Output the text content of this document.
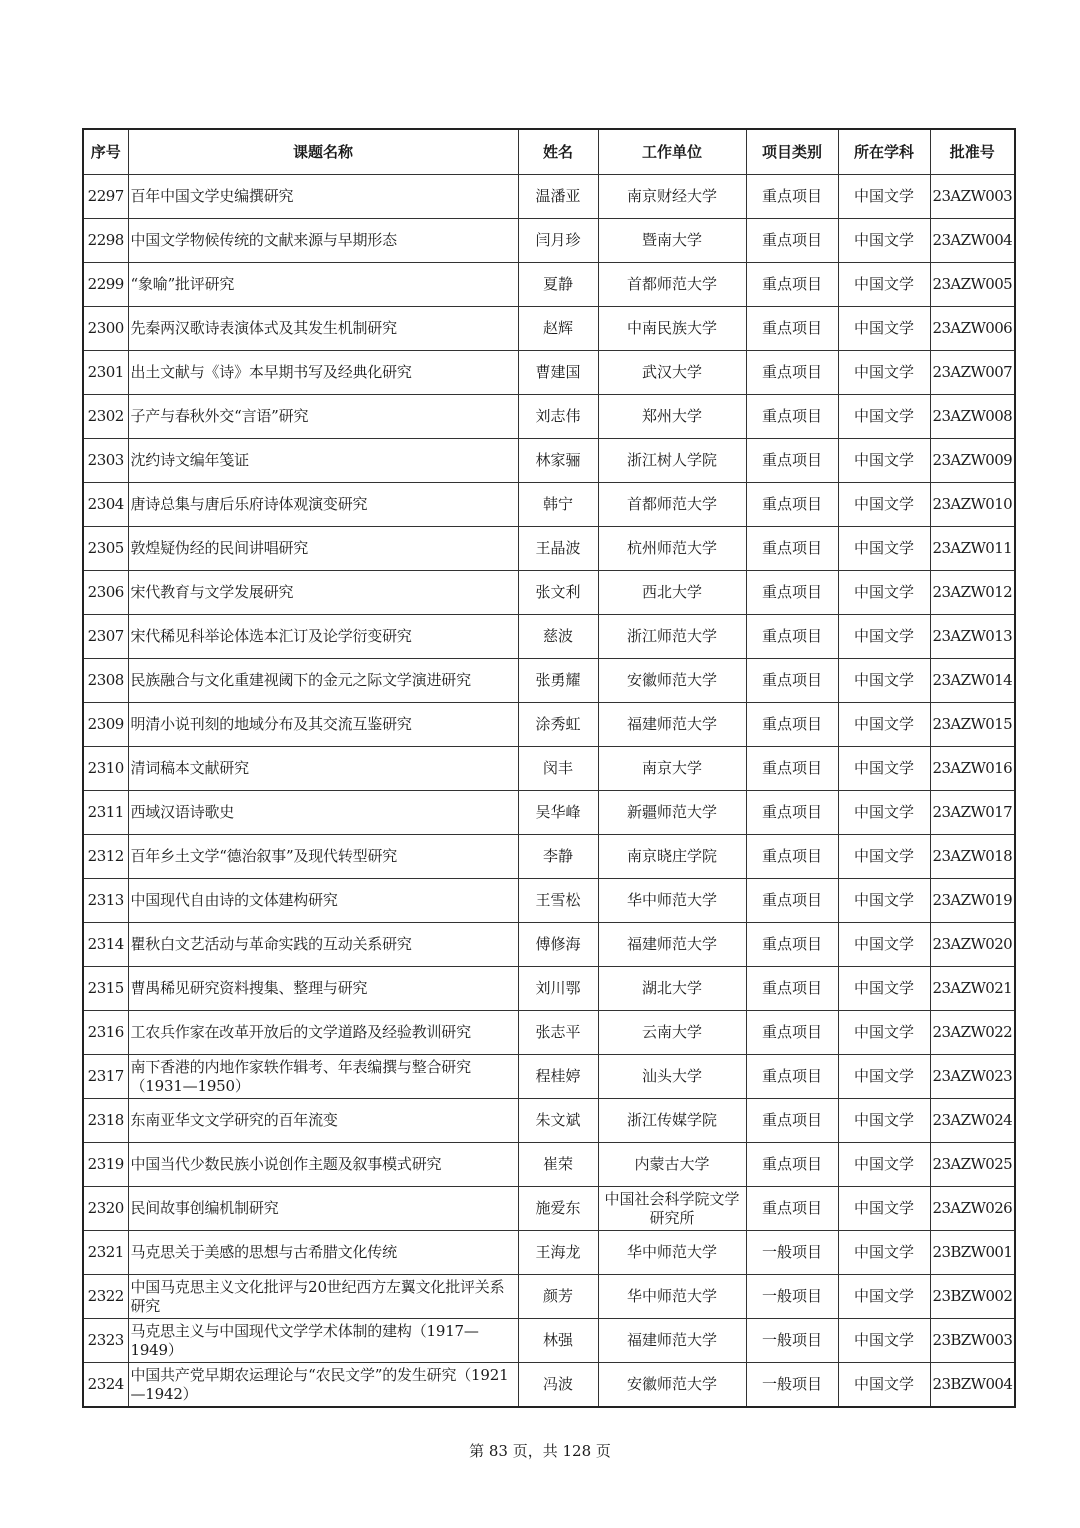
序号	课题名称	姓名	工作单位	项目类别	所在学科	批准号
2297	百年中国文学史编撰研究	温潘亚	南京财经大学	重点项目	中国文学	23AZW003
2298	中国文学物候传统的文献来源与早期形态	闫月珍	暨南大学	重点项目	中国文学	23AZW004
2299	“象喻”批评研究	夏静	首都师范大学	重点项目	中国文学	23AZW005
2300	先秦两汉歌诗表演体式及其发生机制研究	赵辉	中南民族大学	重点项目	中国文学	23AZW006
2301	出土文献与《诗》本早期书写及经典化研究	曹建国	武汉大学	重点项目	中国文学	23AZW007
2302	子产与春秋外交“言语”研究	刘志伟	郑州大学	重点项目	中国文学	23AZW008
2303	沈约诗文编年笺证	林家骊	浙江树人学院	重点项目	中国文学	23AZW009
2304	唐诗总集与唐后乐府诗体观演变研究	韩宁	首都师范大学	重点项目	中国文学	23AZW010
2305	敦煌疑伪经的民间讲唱研究	王晶波	杭州师范大学	重点项目	中国文学	23AZW011
2306	宋代教育与文学发展研究	张文利	西北大学	重点项目	中国文学	23AZW012
2307	宋代稀见科举论体选本汇订及论学衍变研究	慈波	浙江师范大学	重点项目	中国文学	23AZW013
2308	民族融合与文化重建视阈下的金元之际文学演进研究	张勇耀	安徽师范大学	重点项目	中国文学	23AZW014
2309	明清小说刊刻的地域分布及其交流互鉴研究	涂秀虹	福建师范大学	重点项目	中国文学	23AZW015
2310	清词稿本文献研究	闵丰	南京大学	重点项目	中国文学	23AZW016
2311	西域汉语诗歌史	吴华峰	新疆师范大学	重点项目	中国文学	23AZW017
2312	百年乡土文学“德治叙事”及现代转型研究	李静	南京晓庄学院	重点项目	中国文学	23AZW018
2313	中国现代自由诗的文体建构研究	王雪松	华中师范大学	重点项目	中国文学	23AZW019
2314	瞿秋白文艺活动与革命实践的互动关系研究	傅修海	福建师范大学	重点项目	中国文学	23AZW020
2315	曹禺稀见研究资料搜集、整理与研究	刘川鄂	湖北大学	重点项目	中国文学	23AZW021
2316	工农兵作家在改革开放后的文学道路及经验教训研究	张志平	云南大学	重点项目	中国文学	23AZW022
2317	南下香港的内地作家轶作辑考、年表编撰与整合研究（1931—1950）	程桂婷	汕头大学	重点项目	中国文学	23AZW023
2318	东南亚华文文学研究的百年流变	朱文斌	浙江传媒学院	重点项目	中国文学	23AZW024
2319	中国当代少数民族小说创作主题及叙事模式研究	崔荣	内蒙古大学	重点项目	中国文学	23AZW025
2320	民间故事创编机制研究	施爱东	中国社会科学院文学研究所	重点项目	中国文学	23AZW026
2321	马克思关于美感的思想与古希腊文化传统	王海龙	华中师范大学	一般项目	中国文学	23BZW001
2322	中国马克思主义文化批评与20世纪西方左翼文化批评关系研究	颜芳	华中师范大学	一般项目	中国文学	23BZW002
2323	马克思主义与中国现代文学学术体制的建构（1917—1949）	林强	福建师范大学	一般项目	中国文学	23BZW003
2324	中国共产党早期农运理论与“农民文学”的发生研究（1921—1942）	冯波	安徽师范大学	一般项目	中国文学	23BZW004
第 83 页，共 128 页
